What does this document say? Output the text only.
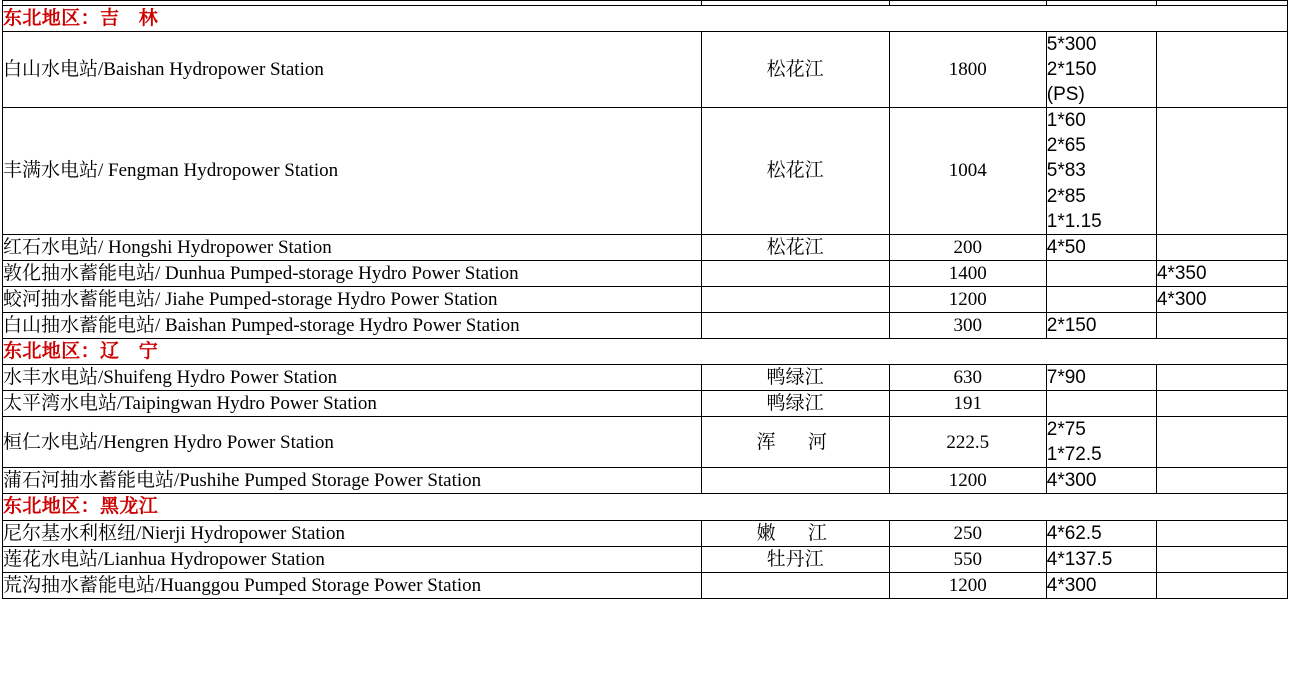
东北地区：吉　林				
白山水电站/Baishan Hydropower Station	松花江	1800	5*300
2*150
(PS)	

丰满水电站/ Fengman Hydropower Station	松花江	1004	1*60
2*65
5*83
2*85
1*1.15	

红石水电站/ Hongshi Hydropower Station	松花江	200	4*50	

敦化抽水蓄能电站/ Dunhua Pumped-storage Hydro Power Station		1400		4*350

蛟河抽水蓄能电站/ Jiahe Pumped-storage Hydro Power Station		1200		4*300

白山抽水蓄能电站/ Baishan Pumped-storage Hydro Power Station		300	2*150	

东北地区：辽　宁				
水丰水电站/Shuifeng Hydro Power Station	鸭绿江	630	7*90	

太平湾水电站/Taipingwan Hydro Power Station	鸭绿江	191	

桓仁水电站/Hengren Hydro Power Station	浑　河	222.5	2*75
1*72.5	

蒲石河抽水蓄能电站/Pushihe Pumped Storage Power Station		1200	4*300	

东北地区：黑龙江				
尼尔基水利枢纽/Nierji Hydropower Station	嫩　江	250	4*62.5	

莲花水电站/Lianhua Hydropower Station	牡丹江	550	4*137.5	

荒沟抽水蓄能电站/Huanggou Pumped Storage Power Station		1200	4*300	
